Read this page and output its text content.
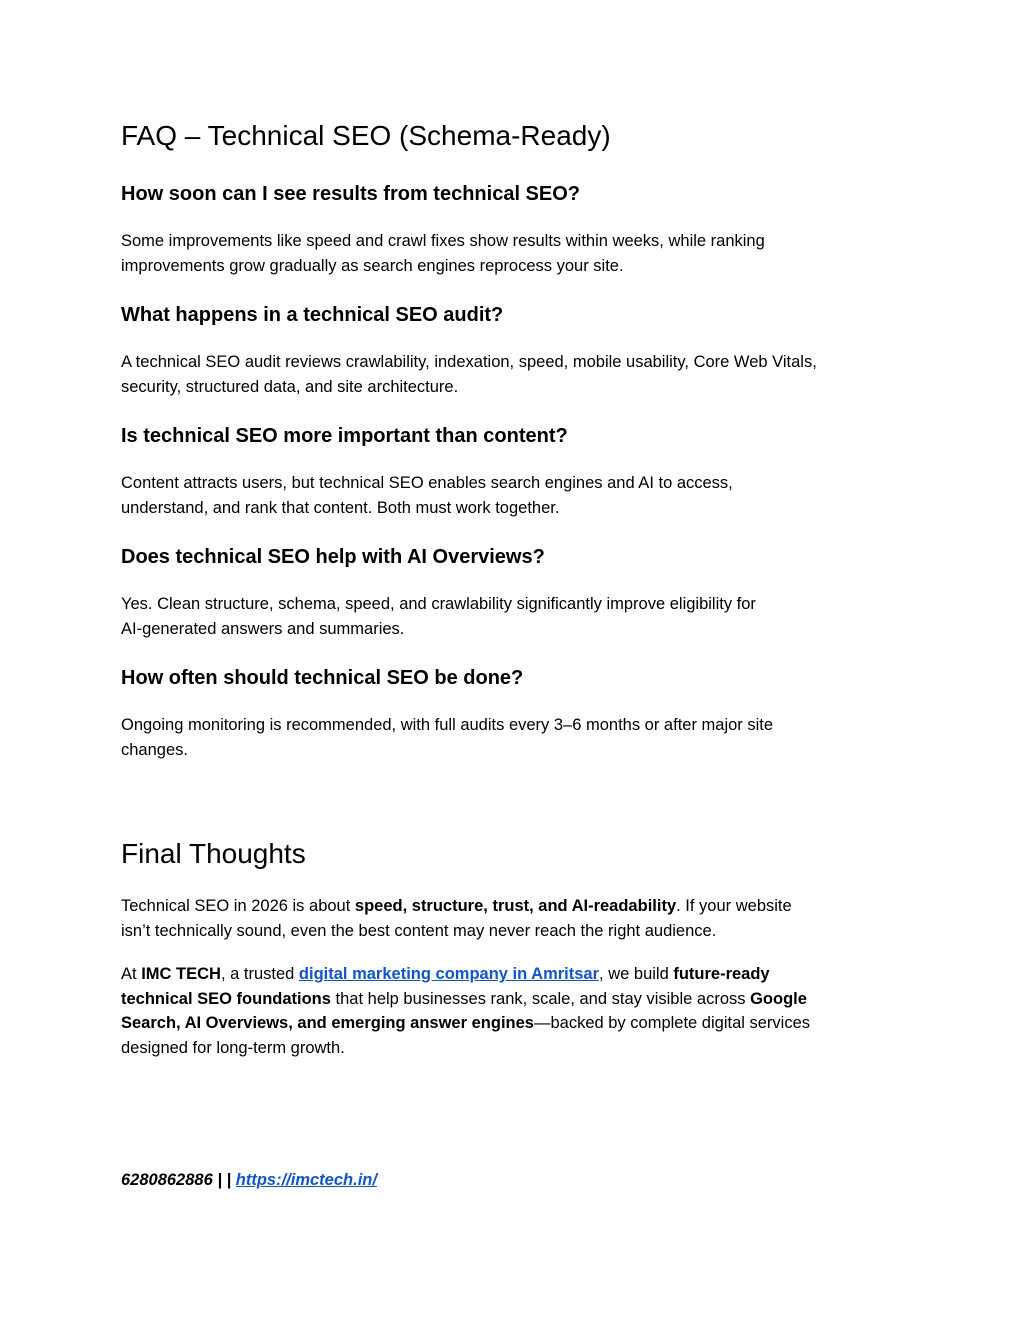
FAQ – Technical SEO (Schema-Ready)
How soon can I see results from technical SEO?

Some improvements like speed and crawl fixes show results within weeks, while ranking
improvements grow gradually as search engines reprocess your site.

What happens in a technical SEO audit?

A technical SEO audit reviews crawlability, indexation, speed, mobile usability, Core Web Vitals,
security, structured data, and site architecture.

Is technical SEO more important than content?

Content attracts users, but technical SEO enables search engines and AI to access,
understand, and rank that content. Both must work together.

Does technical SEO help with AI Overviews?

Yes. Clean structure, schema, speed, and crawlability significantly improve eligibility for
AI-generated answers and summaries.

How often should technical SEO be done?

Ongoing monitoring is recommended, with full audits every 3–6 months or after major site
changes.

Final Thoughts

Technical SEO in 2026 is about speed, structure, trust, and AI-readability. If your website
isn’t technically sound, even the best content may never reach the right audience.

At IMC TECH, a trusted digital marketing company in Amritsar, we build future-ready
technical SEO foundations that help businesses rank, scale, and stay visible across Google
Search, AI Overviews, and emerging answer engines—backed by complete digital services
designed for long-term growth.

6280862886 | | https://imctech.in/
